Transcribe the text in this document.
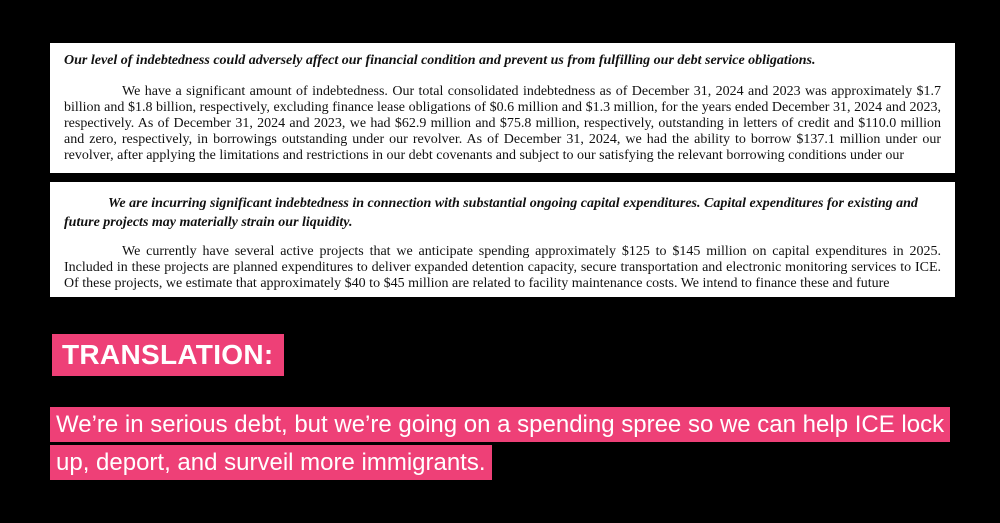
Our level of indebtedness could adversely affect our financial condition and prevent us from fulfilling our debt service obligations.

We have a significant amount of indebtedness. Our total consolidated indebtedness as of December 31, 2024 and 2023 was approximately $1.7 billion and $1.8 billion, respectively, excluding finance lease obligations of $0.6 million and $1.3 million, for the years ended December 31, 2024 and 2023, respectively. As of December 31, 2024 and 2023, we had $62.9 million and $75.8 million, respectively, outstanding in letters of credit and $110.0 million and zero, respectively, in borrowings outstanding under our revolver. As of December 31, 2024, we had the ability to borrow $137.1 million under our revolver, after applying the limitations and restrictions in our debt covenants and subject to our satisfying the relevant borrowing conditions under our

We are incurring significant indebtedness in connection with substantial ongoing capital expenditures. Capital expenditures for existing and future projects may materially strain our liquidity.

We currently have several active projects that we anticipate spending approximately $125 to $145 million on capital expenditures in 2025. Included in these projects are planned expenditures to deliver expanded detention capacity, secure transportation and electronic monitoring services to ICE. Of these projects, we estimate that approximately $40 to $45 million are related to facility maintenance costs. We intend to finance these and future

TRANSLATION:
We’re in serious debt, but we’re going on a spending spree so we can help ICE lock up, deport, and surveil more immigrants.
